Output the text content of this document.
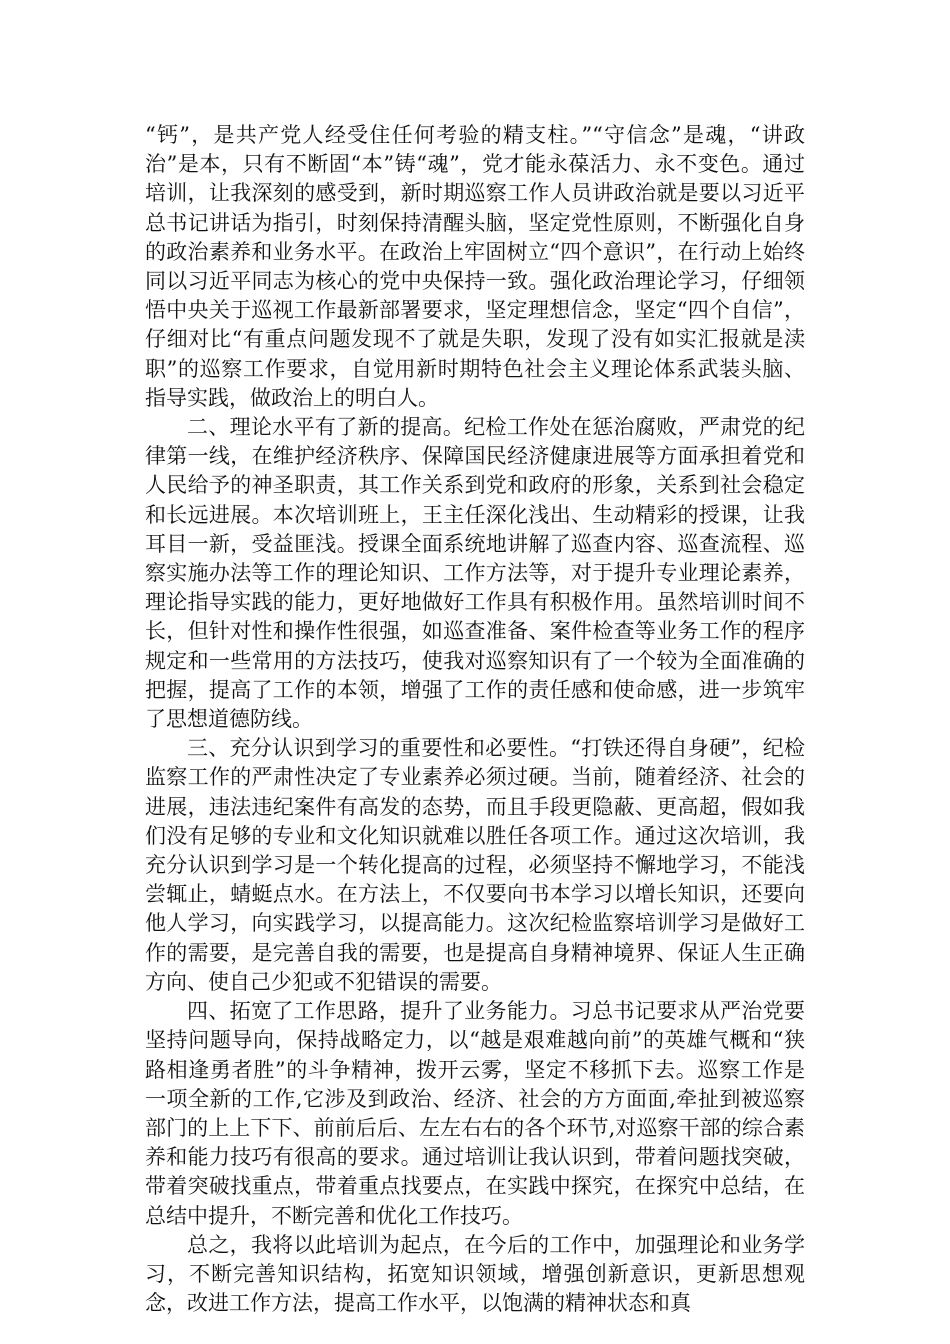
“钙”，是共产党人经受住任何考验的精支柱。”“守信念”是魂，“讲政治”是本，只有不断固“本”铸“魂”，党才能永葆活力、永不变色。通过培训，让我深刻的感受到，新时期巡察工作人员讲政治就是要以习近平总书记讲话为指引，时刻保持清醒头脑，坚定党性原则，不断强化自身的政治素养和业务水平。在政治上牢固树立“四个意识”，在行动上始终同以习近平同志为核心的党中央保持一致。强化政治理论学习，仔细领悟中央关于巡视工作最新部署要求，坚定理想信念，坚定“四个自信”，仔细对比“有重点问题发现不了就是失职，发现了没有如实汇报就是渎职”的巡察工作要求，自觉用新时期特色社会主义理论体系武装头脑、指导实践，做政治上的明白人。

二、理论水平有了新的提高。纪检工作处在惩治腐败，严肃党的纪律第一线，在维护经济秩序、保障国民经济健康进展等方面承担着党和人民给予的神圣职责，其工作关系到党和政府的形象，关系到社会稳定和长远进展。本次培训班上，王主任深化浅出、生动精彩的授课，让我耳目一新，受益匪浅。授课全面系统地讲解了巡查内容、巡查流程、巡察实施办法等工作的理论知识、工作方法等，对于提升专业理论素养，理论指导实践的能力，更好地做好工作具有积极作用。虽然培训时间不长，但针对性和操作性很强，如巡查准备、案件检查等业务工作的程序规定和一些常用的方法技巧，使我对巡察知识有了一个较为全面准确的把握，提高了工作的本领，增强了工作的责任感和使命感，进一步筑牢了思想道德防线。

三、充分认识到学习的重要性和必要性。“打铁还得自身硬”，纪检监察工作的严肃性决定了专业素养必须过硬。当前，随着经济、社会的进展，违法违纪案件有高发的态势，而且手段更隐蔽、更高超，假如我们没有足够的专业和文化知识就难以胜任各项工作。通过这次培训，我充分认识到学习是一个转化提高的过程，必须坚持不懈地学习，不能浅尝辄止，蜻蜓点水。在方法上，不仅要向书本学习以增长知识，还要向他人学习，向实践学习，以提高能力。这次纪检监察培训学习是做好工作的需要，是完善自我的需要，也是提高自身精神境界、保证人生正确方向、使自己少犯或不犯错误的需要。

四、拓宽了工作思路，提升了业务能力。习总书记要求从严治党要坚持问题导向，保持战略定力，以“越是艰难越向前”的英雄气概和“狭路相逢勇者胜”的斗争精神，拨开云雾，坚定不移抓下去。巡察工作是一项全新的工作,它涉及到政治、经济、社会的方方面面,牵扯到被巡察部门的上上下下、前前后后、左左右右的各个环节,对巡察干部的综合素养和能力技巧有很高的要求。通过培训让我认识到，带着问题找突破，带着突破找重点，带着重点找要点，在实践中探究，在探究中总结，在总结中提升，不断完善和优化工作技巧。

总之，我将以此培训为起点，在今后的工作中，加强理论和业务学习，不断完善知识结构，拓宽知识领域，增强创新意识，更新思想观念，改进工作方法，提高工作水平，以饱满的精神状态和真
